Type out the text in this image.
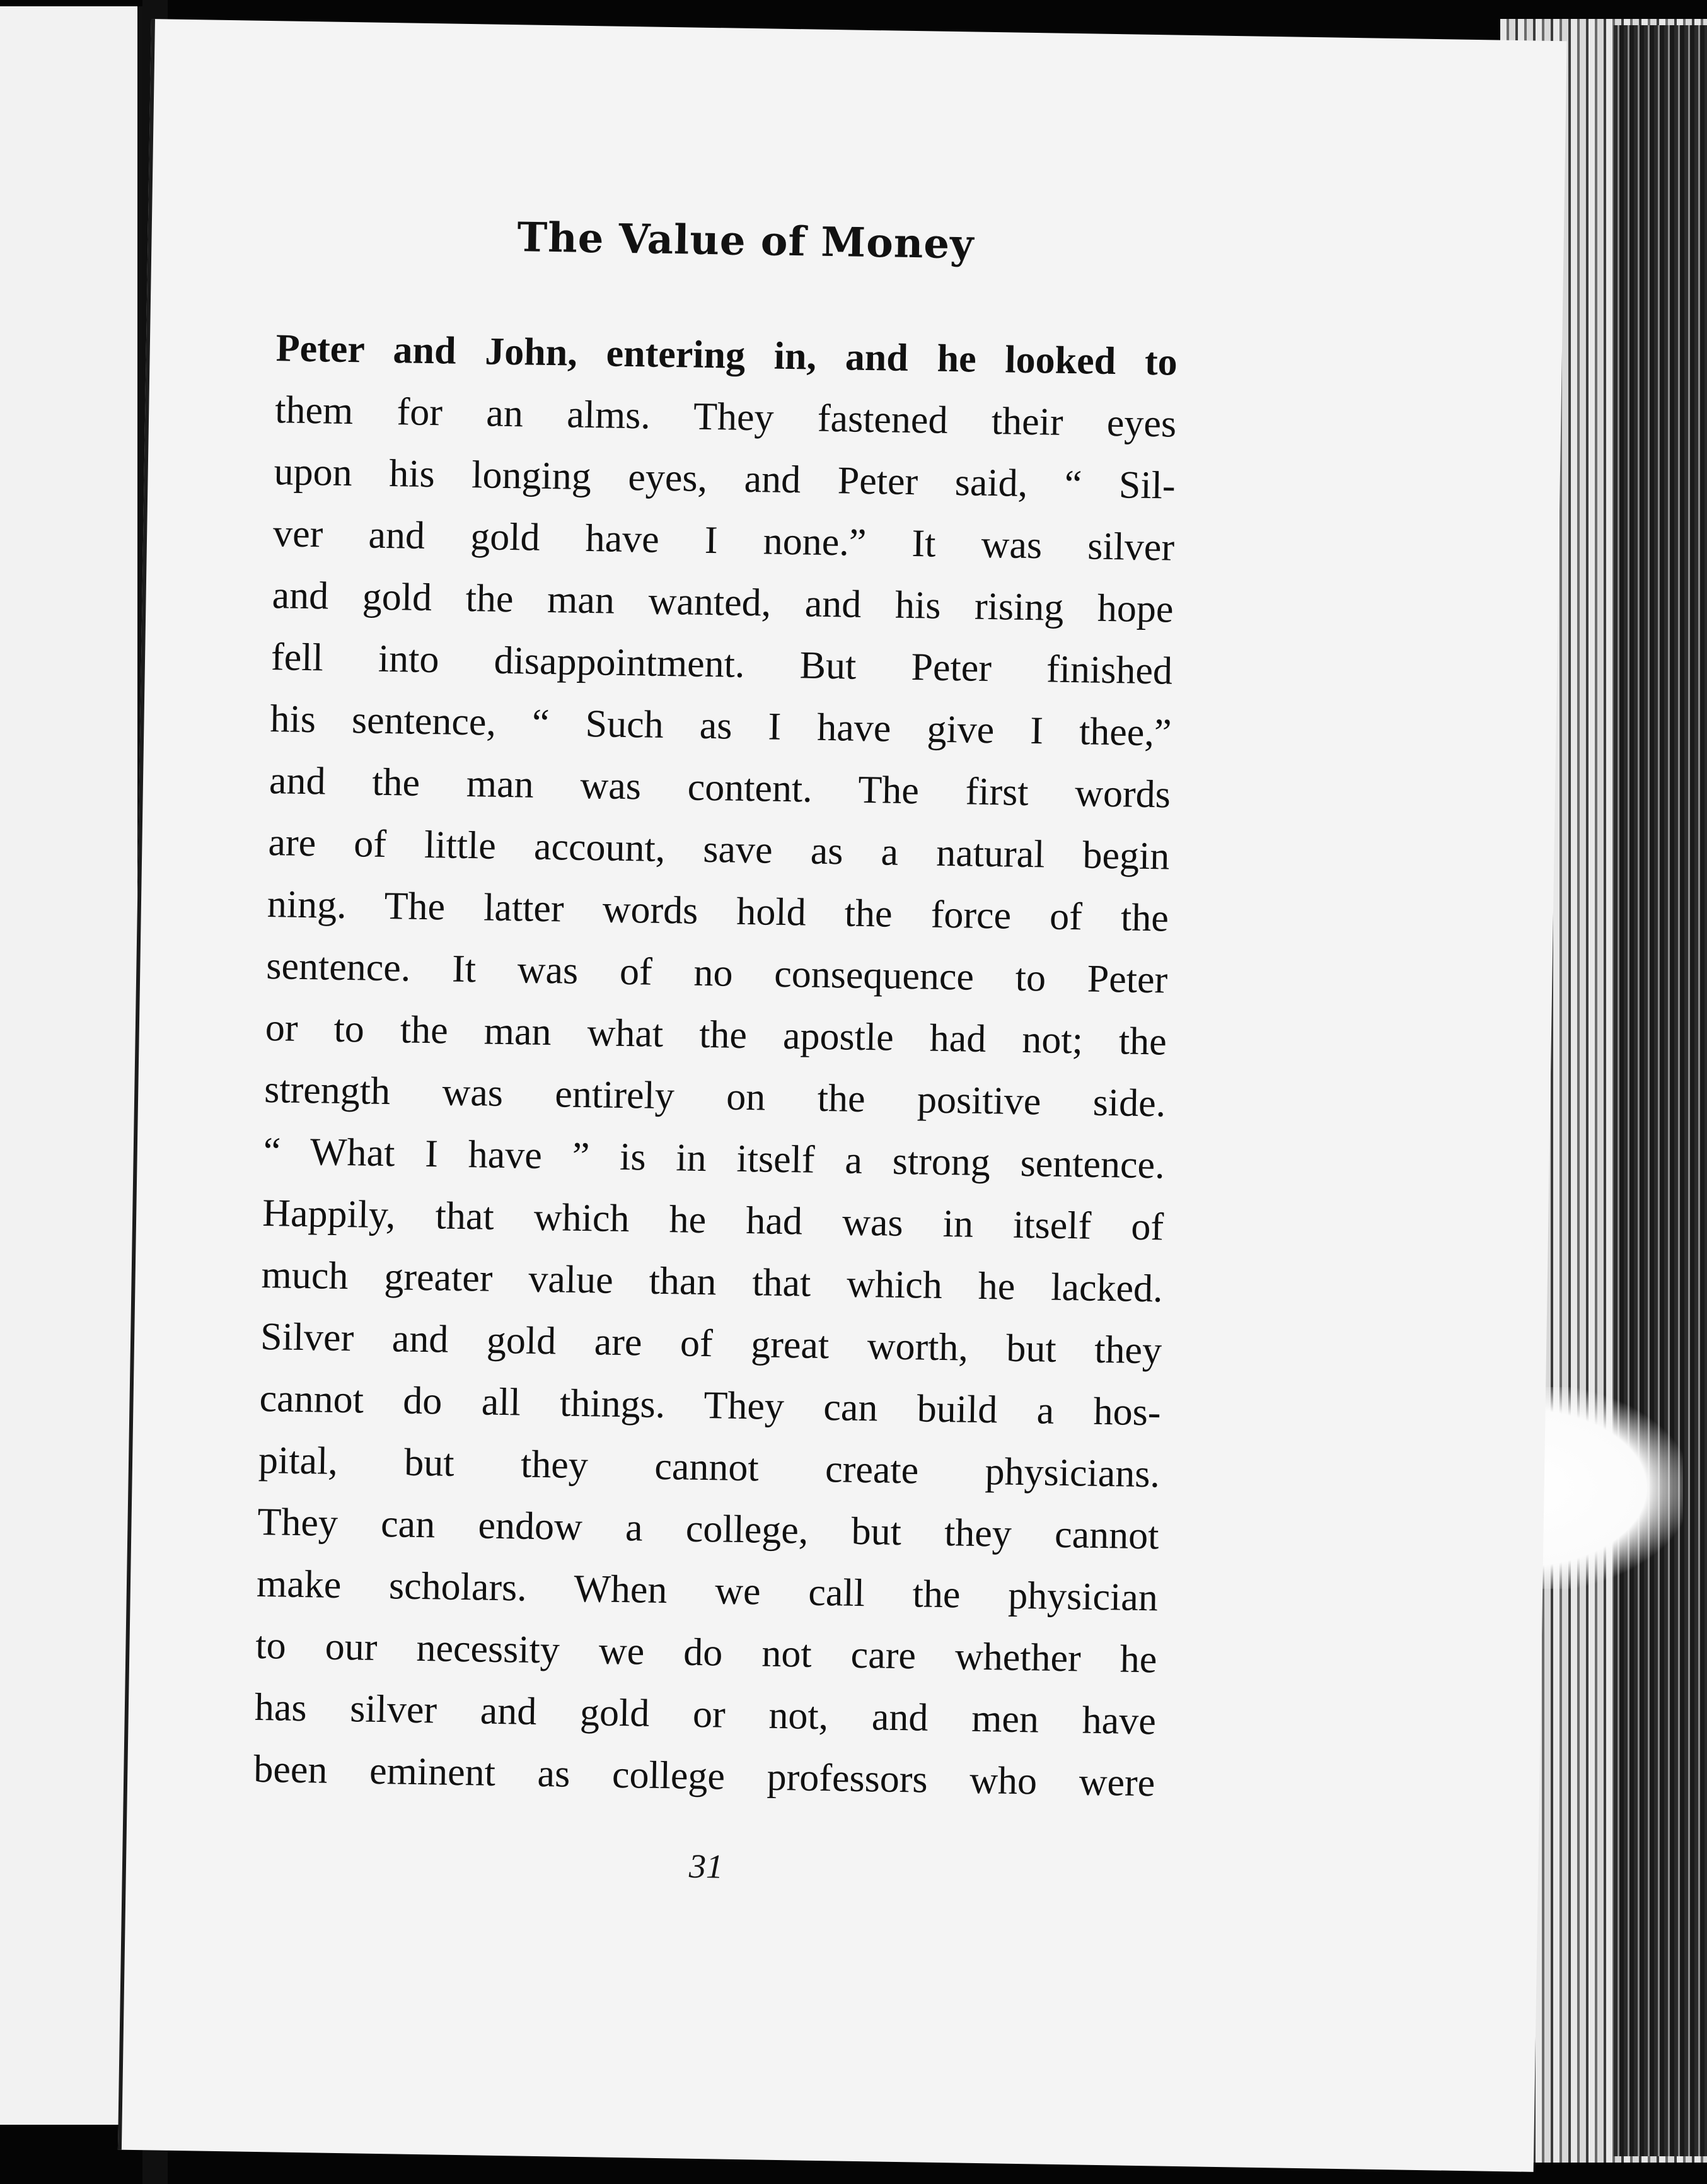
The Value of Money
Peter and John, entering in, and he looked to
them for an alms. They fastened their eyes
upon his longing eyes, and Peter said, “ Sil-
ver and gold have I none.” It was silver
and gold the man wanted, and his rising hope
fell into disappointment. But Peter finished
his sentence, “ Such as I have give I thee,”
and the man was content. The first words
are of little account, save as a natural begin
ning. The latter words hold the force of the
sentence. It was of no consequence to Peter
or to the man what the apostle had not; the
strength was entirely on the positive side.
“ What I have ” is in itself a strong sentence.
Happily, that which he had was in itself of
much greater value than that which he lacked.
Silver and gold are of great worth, but they
cannot do all things. They can build a hos-
pital, but they cannot create physicians.
They can endow a college, but they cannot
make scholars. When we call the physician
to our necessity we do not care whether he
has silver and gold or not, and men have
been eminent as college professors who were
31
